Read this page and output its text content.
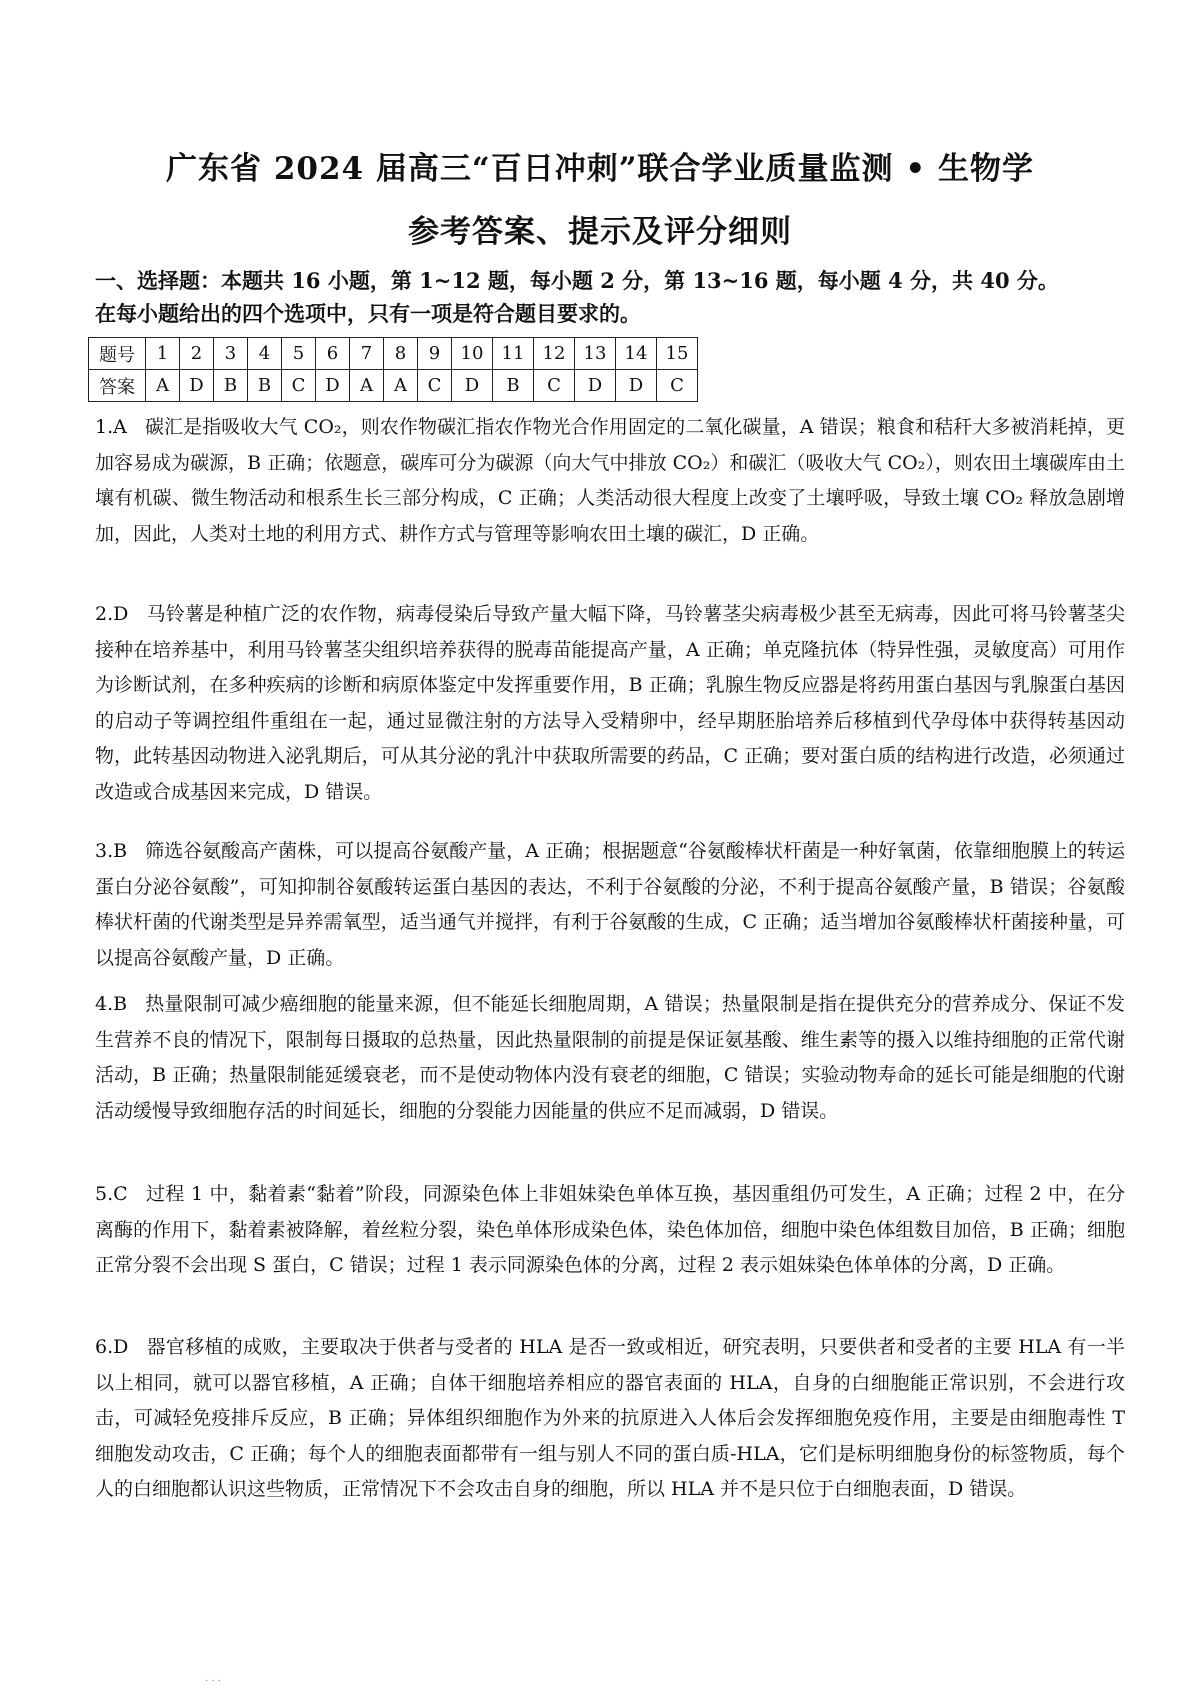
广东省 2024 届高三“百日冲刺”联合学业质量监测 • 生物学
参考答案、提示及评分细则
一、选择题：本题共 16 小题，第 1~12 题，每小题 2 分，第 13~16 题，每小题 4 分，共 40 分。
在每小题给出的四个选项中，只有一项是符合题目要求的。
题号	1	2	3	4	5	6	7	8	9	10	11	12	13	14	15
答案	A	D	B	B	C	D	A	A	C	D	B	C	D	D	C
1.A 碳汇是指吸收大气 CO₂，则农作物碳汇指农作物光合作用固定的二氧化碳量，A 错误；粮食和秸秆大多被消耗掉，更加容易成为碳源，B 正确；依题意，碳库可分为碳源（向大气中排放 CO₂）和碳汇（吸收大气 CO₂），则农田土壤碳库由土壤有机碳、微生物活动和根系生长三部分构成，C 正确；人类活动很大程度上改变了土壤呼吸，导致土壤 CO₂ 释放急剧增加，因此，人类对土地的利用方式、耕作方式与管理等影响农田土壤的碳汇，D 正确。
2.D 马铃薯是种植广泛的农作物，病毒侵染后导致产量大幅下降，马铃薯茎尖病毒极少甚至无病毒，因此可将马铃薯茎尖接种在培养基中，利用马铃薯茎尖组织培养获得的脱毒苗能提高产量，A 正确；单克隆抗体（特异性强，灵敏度高）可用作为诊断试剂，在多种疾病的诊断和病原体鉴定中发挥重要作用，B 正确；乳腺生物反应器是将药用蛋白基因与乳腺蛋白基因的启动子等调控组件重组在一起，通过显微注射的方法导入受精卵中，经早期胚胎培养后移植到代孕母体中获得转基因动物，此转基因动物进入泌乳期后，可从其分泌的乳汁中获取所需要的药品，C 正确；要对蛋白质的结构进行改造，必须通过改造或合成基因来完成，D 错误。
3.B 筛选谷氨酸高产菌株，可以提高谷氨酸产量，A 正确；根据题意“谷氨酸棒状杆菌是一种好氧菌，依靠细胞膜上的转运蛋白分泌谷氨酸”，可知抑制谷氨酸转运蛋白基因的表达，不利于谷氨酸的分泌，不利于提高谷氨酸产量，B 错误；谷氨酸棒状杆菌的代谢类型是异养需氧型，适当通气并搅拌，有利于谷氨酸的生成，C 正确；适当增加谷氨酸棒状杆菌接种量，可以提高谷氨酸产量，D 正确。
4.B 热量限制可减少癌细胞的能量来源，但不能延长细胞周期，A 错误；热量限制是指在提供充分的营养成分、保证不发生营养不良的情况下，限制每日摄取的总热量，因此热量限制的前提是保证氨基酸、维生素等的摄入以维持细胞的正常代谢活动，B 正确；热量限制能延缓衰老，而不是使动物体内没有衰老的细胞，C 错误；实验动物寿命的延长可能是细胞的代谢活动缓慢导致细胞存活的时间延长，细胞的分裂能力因能量的供应不足而减弱，D 错误。
5.C 过程 1 中，黏着素“黏着”阶段，同源染色体上非姐妹染色单体互换，基因重组仍可发生，A 正确；过程 2 中，在分离酶的作用下，黏着素被降解，着丝粒分裂，染色单体形成染色体，染色体加倍，细胞中染色体组数目加倍，B 正确；细胞正常分裂不会出现 S 蛋白，C 错误；过程 1 表示同源染色体的分离，过程 2 表示姐妹染色体单体的分离，D 正确。
6.D 器官移植的成败，主要取决于供者与受者的 HLA 是否一致或相近，研究表明，只要供者和受者的主要 HLA 有一半以上相同，就可以器官移植，A 正确；自体干细胞培养相应的器官表面的 HLA，自身的白细胞能正常识别，不会进行攻击，可减轻免疫排斥反应，B 正确；异体组织细胞作为外来的抗原进入人体后会发挥细胞免疫作用，主要是由细胞毒性 T 细胞发动攻击，C 正确；每个人的细胞表面都带有一组与别人不同的蛋白质-HLA，它们是标明细胞身份的标签物质，每个人的白细胞都认识这些物质，正常情况下不会攻击自身的细胞，所以 HLA 并不是只位于白细胞表面，D 错误。
· · ·
